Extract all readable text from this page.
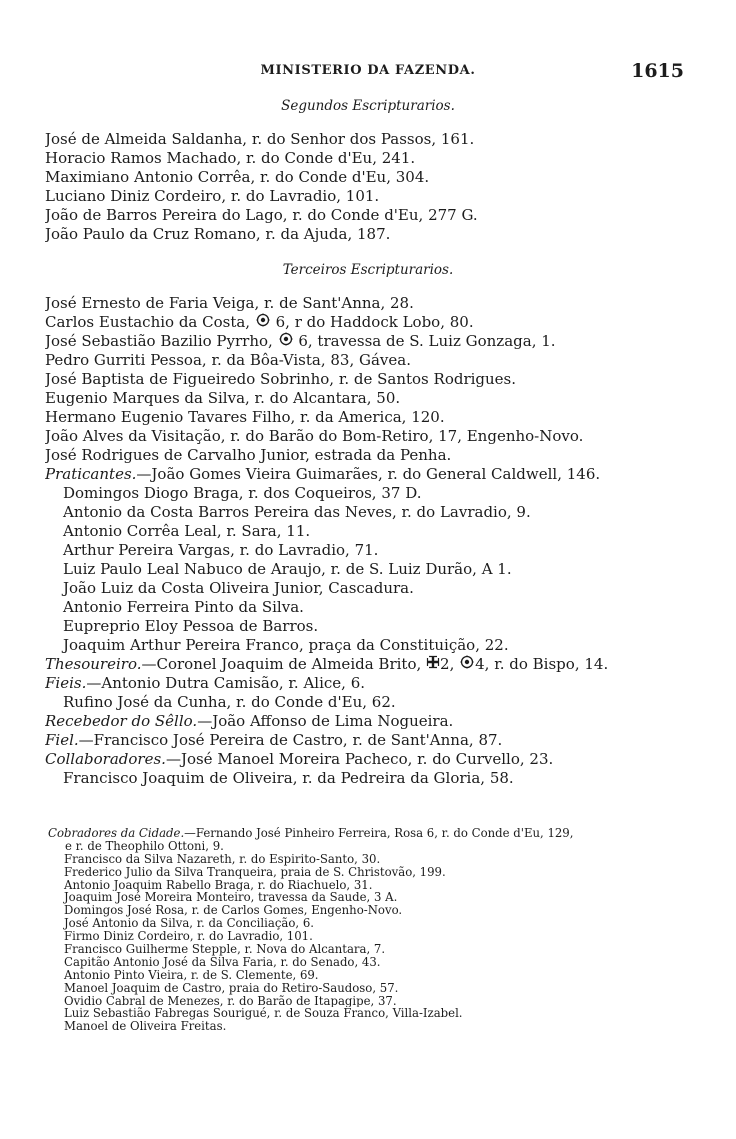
MINISTERIO DA FAZENDA.	1615
Segundos Escripturarios.
José de Almeida Saldanha, r. do Senhor dos Passos, 161.
Horacio Ramos Machado, r. do Conde d'Eu, 241.
Maximiano Antonio Corrêa, r. do Conde d'Eu, 304.
Luciano Diniz Cordeiro, r. do Lavradio, 101.
João de Barros Pereira do Lago, r. do Conde d'Eu, 277 G.
João Paulo da Cruz Romano, r. da Ajuda, 187.
Terceiros Escripturarios.
José Ernesto de Faria Veiga, r. de Sant'Anna, 28.
Carlos Eustachio da Costa, 6, r do Haddock Lobo, 80.
José Sebastião Bazilio Pyrrho, 6, travessa de S. Luiz Gonzaga, 1.
Pedro Gurriti Pessoa, r. da Bôa-Vista, 83, Gávea.
José Baptista de Figueiredo Sobrinho, r. de Santos Rodrigues.
Eugenio Marques da Silva, r. do Alcantara, 50.
Hermano Eugenio Tavares Filho, r. da America, 120.
João Alves da Visitação, r. do Barão do Bom-Retiro, 17, Engenho-Novo.
José Rodrigues de Carvalho Junior, estrada da Penha.
Praticantes.—João Gomes Vieira Guimarães, r. do General Caldwell, 146.
Domingos Diogo Braga, r. dos Coqueiros, 37 D.
Antonio da Costa Barros Pereira das Neves, r. do Lavradio, 9.
Antonio Corrêa Leal, r. Sara, 11.
Arthur Pereira Vargas, r. do Lavradio, 71.
Luiz Paulo Leal Nabuco de Araujo, r. de S. Luiz Durão, A 1.
João Luiz da Costa Oliveira Junior, Cascadura.
Antonio Ferreira Pinto da Silva.
Eupreprio Eloy Pessoa de Barros.
Joaquim Arthur Pereira Franco, praça da Constituição, 22.
Thesoureiro.—Coronel Joaquim de Almeida Brito, 2, 4, r. do Bispo, 14.
Fieis.—Antonio Dutra Camisão, r. Alice, 6.
Rufino José da Cunha, r. do Conde d'Eu, 62.
Recebedor do Sêllo.—João Affonso de Lima Nogueira.
Fiel.—Francisco José Pereira de Castro, r. de Sant'Anna, 87.
Collaboradores.—José Manoel Moreira Pacheco, r. do Curvello, 23.
Francisco Joaquim de Oliveira, r. da Pedreira da Gloria, 58.
Cobradores da Cidade.—Fernando José Pinheiro Ferreira, Rosa 6, r. do Conde d'Eu, 129,
e r. de Theophilo Ottoni, 9.
Francisco da Silva Nazareth, r. do Espirito-Santo, 30.
Frederico Julio da Silva Tranqueira, praia de S. Christovão, 199.
Antonio Joaquim Rabello Braga, r. do Riachuelo, 31.
Joaquim José Moreira Monteiro, travessa da Saude, 3 A.
Domingos José Rosa, r. de Carlos Gomes, Engenho-Novo.
José Antonio da Silva, r. da Conciliação, 6.
Firmo Diniz Cordeiro, r. do Lavradio, 101.
Francisco Guilherme Stepple, r. Nova do Alcantara, 7.
Capitão Antonio José da Silva Faria, r. do Senado, 43.
Antonio Pinto Vieira, r. de S. Clemente, 69.
Manoel Joaquim de Castro, praia do Retiro-Saudoso, 57.
Ovidio Cabral de Menezes, r. do Barão de Itapagipe, 37.
Luiz Sebastião Fabregas Sourigué, r. de Souza Franco, Villa-Izabel.
Manoel de Oliveira Freitas.
